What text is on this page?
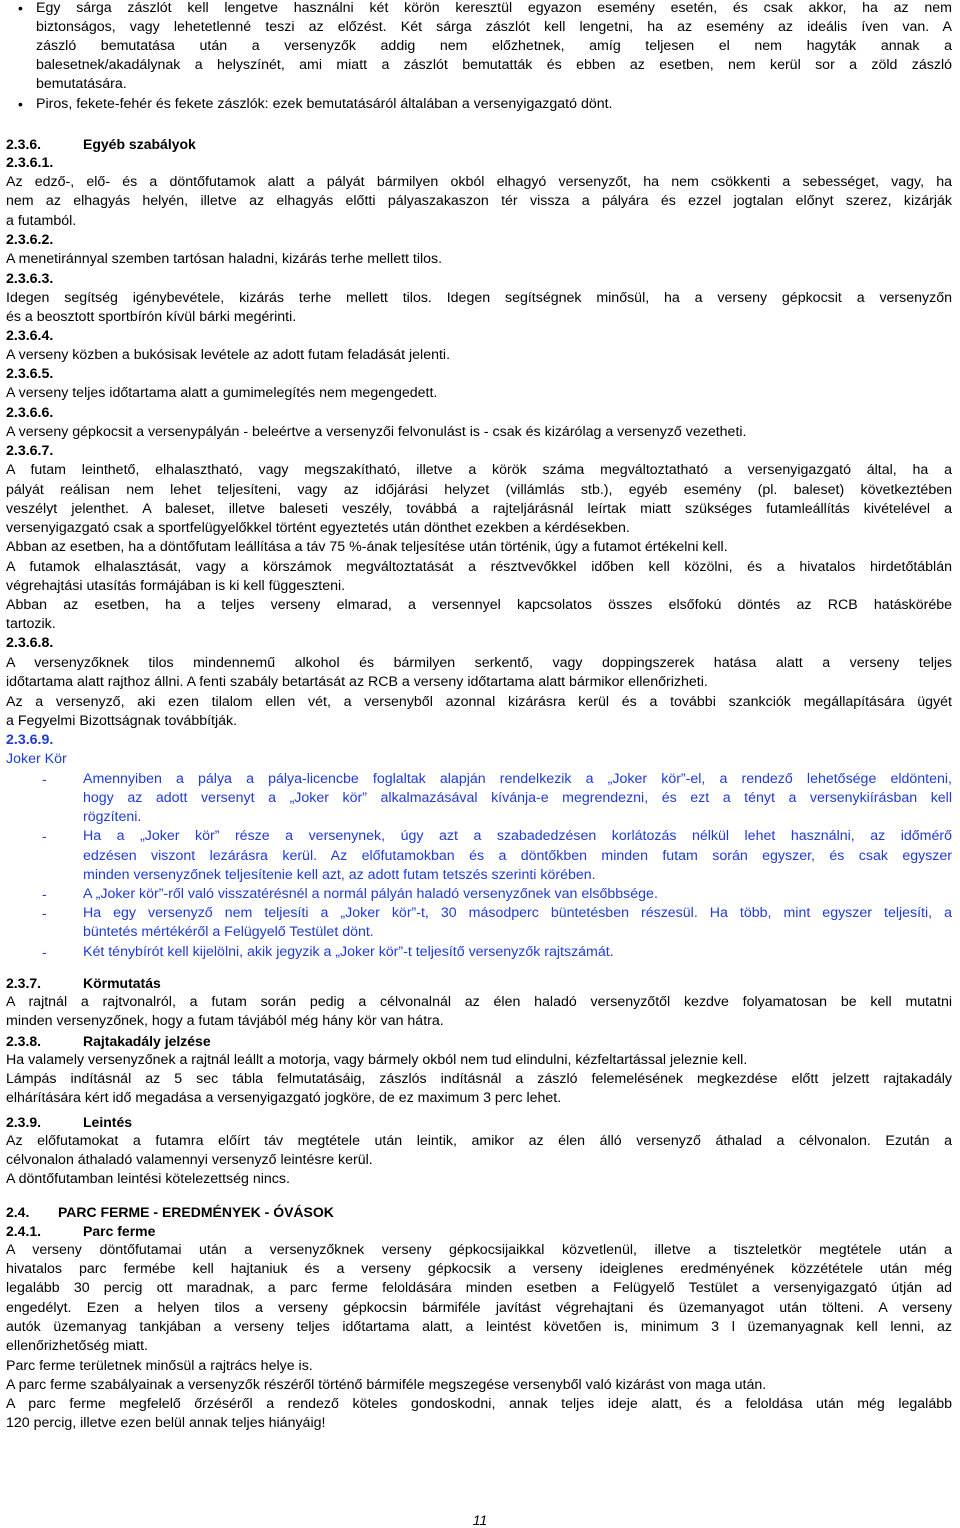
• Egy sárga zászlót kell lengetve használni két körön keresztül egyazon esemény esetén, és csak akkor, ha az nem
biztonságos, vagy lehetetlenné teszi az előzést. Két sárga zászlót kell lengetni, ha az esemény az ideális íven van. A
zászló bemutatása után a versenyzők addig nem előzhetnek, amíg teljesen el nem hagyták annak a
balesetnek/akadálynak a helyszínét, ami miatt a zászlót bemutatták és ebben az esetben, nem kerül sor a zöld zászló
bemutatására.
• Piros, fekete-fehér és fekete zászlók: ezek bemutatásáról általában a versenyigazgató dönt.
2.3.6.	Egyéb szabályok
2.3.6.1.
Az edző-, elő- és a döntőfutamok alatt a pályát bármilyen okból elhagyó versenyzőt, ha nem csökkenti a sebességet, vagy, ha
nem az elhagyás helyén, illetve az elhagyás előtti pályaszakaszon tér vissza a pályára és ezzel jogtalan előnyt szerez, kizárják
a futamból.
2.3.6.2.
A menetiránnyal szemben tartósan haladni, kizárás terhe mellett tilos.
2.3.6.3.
Idegen segítség igénybevétele, kizárás terhe mellett tilos. Idegen segítségnek minősül, ha a verseny gépkocsit a versenyzőn
és a beosztott sportbírón kívül bárki megérinti.
2.3.6.4.
A verseny közben a bukósisak levétele az adott futam feladását jelenti.
2.3.6.5.
A verseny teljes időtartama alatt a gumimelegítés nem megengedett.
2.3.6.6.
A verseny gépkocsit a versenypályán - beleértve a versenyzői felvonulást is - csak és kizárólag a versenyző vezetheti.
2.3.6.7.
A futam leinthető, elhalasztható, vagy megszakítható, illetve a körök száma megváltoztatható a versenyigazgató által, ha a
pályát reálisan nem lehet teljesíteni, vagy az időjárási helyzet (villámlás stb.), egyéb esemény (pl. baleset) következtében
veszélyt jelenthet. A baleset, illetve baleseti veszély, továbbá a rajteljárásnál leírtak miatt szükséges futamleállítás kivételével a
versenyigazgató csak a sportfelügyelőkkel történt egyeztetés után dönthet ezekben a kérdésekben.
Abban az esetben, ha a döntőfutam leállítása a táv 75 %-ának teljesítése után történik, úgy a futamot értékelni kell.
A futamok elhalasztását, vagy a körszámok megváltoztatását a résztvevőkkel időben kell közölni, és a hivatalos hirdetőtáblán
végrehajtási utasítás formájában is ki kell függeszteni.
Abban az esetben, ha a teljes verseny elmarad, a versennyel kapcsolatos összes elsőfokú döntés az RCB hatáskörébe
tartozik.
2.3.6.8.
A versenyzőknek tilos mindennemű alkohol és bármilyen serkentő, vagy doppingszerek hatása alatt a verseny teljes
időtartama alatt rajthoz állni. A fenti szabály betartását az RCB a verseny időtartama alatt bármikor ellenőrizheti.
Az a versenyző, aki ezen tilalom ellen vét, a versenyből azonnal kizárásra kerül és a további szankciók megállapítására ügyét
a Fegyelmi Bizottságnak továbbítják.
2.3.6.9.
Joker Kör
-	Amennyiben a pálya a pálya-licencbe foglaltak alapján rendelkezik a „Joker kör”-el, a rendező lehetősége eldönteni,
hogy az adott versenyt a „Joker kör” alkalmazásával kívánja-e megrendezni, és ezt a tényt a versenykiírásban kell
rögzíteni.
-	Ha a „Joker kör” része a versenynek, úgy azt a szabadedzésen korlátozás nélkül lehet használni, az időmérő
edzésen viszont lezárásra kerül. Az előfutamokban és a döntőkben minden futam során egyszer, és csak egyszer
minden versenyzőnek teljesítenie kell azt, az adott futam tetszés szerinti körében.
-	A „Joker kör”-ről való visszatérésnél a normál pályán haladó versenyzőnek van elsőbbsége.
-	Ha egy versenyző nem teljesíti a „Joker kör”-t, 30 másodperc büntetésben részesül. Ha több, mint egyszer teljesíti, a
büntetés mértékéről a Felügyelő Testület dönt.
-	Két ténybírót kell kijelölni, akik jegyzik a „Joker kör”-t teljesítő versenyzők rajtszámát.
2.3.7.	Körmutatás
A rajtnál a rajtvonalról, a futam során pedig a célvonalnál az élen haladó versenyzőtől kezdve folyamatosan be kell mutatni
minden versenyzőnek, hogy a futam távjából még hány kör van hátra.
2.3.8.	Rajtakadály jelzése
Ha valamely versenyzőnek a rajtnál leállt a motorja, vagy bármely okból nem tud elindulni, kézfeltartással jeleznie kell.
Lámpás indításnál az 5 sec tábla felmutatásáig, zászlós indításnál a zászló felemelésének megkezdése előtt jelzett rajtakadály
elhárítására kért idő megadása a versenyigazgató jogköre, de ez maximum 3 perc lehet.
2.3.9.	Leintés
Az előfutamokat a futamra előírt táv megtétele után leintik, amikor az élen álló versenyző áthalad a célvonalon. Ezután a
célvonalon áthaladó valamennyi versenyző leintésre kerül.
A döntőfutamban leintési kötelezettség nincs.
2.4. PARC FERME - EREDMÉNYEK - ÓVÁSOK
2.4.1.	Parc ferme
A verseny döntőfutamai után a versenyzőknek verseny gépkocsijaikkal közvetlenül, illetve a tiszteletkör megtétele után a
hivatalos parc fermébe kell hajtaniuk és a verseny gépkocsik a verseny ideiglenes eredményének közzététele után még
legalább 30 percig ott maradnak, a parc ferme feloldására minden esetben a Felügyelő Testület a versenyigazgató útján ad
engedélyt. Ezen a helyen tilos a verseny gépkocsin bármiféle javítást végrehajtani és üzemanyagot után tölteni. A verseny
autók üzemanyag tankjában a verseny teljes időtartama alatt, a leintést követően is, minimum 3 l üzemanyagnak kell lenni, az
ellenőrizhetőség miatt.
Parc ferme területnek minősül a rajtrács helye is.
A parc ferme szabályainak a versenyzők részéről történő bármiféle megszegése versenyből való kizárást von maga után.
A parc ferme megfelelő őrzéséről a rendező köteles gondoskodni, annak teljes ideje alatt, és a feloldása után még legalább
120 percig, illetve ezen belül annak teljes hiányáig!
11
